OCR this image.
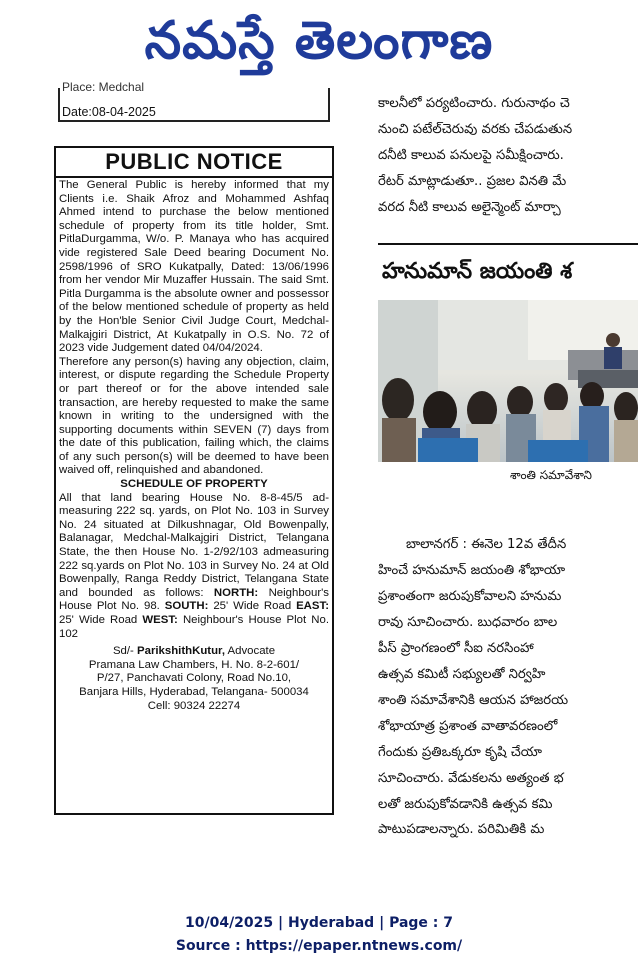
నమస్తే తెలంగాణ
Place: Medchal
Date:08-04-2025
PUBLIC NOTICE

The General Public is hereby informed that my Clients i.e. Shaik Afroz and Mohammed Ashfaq Ahmed intend to purchase the below mentioned schedule of property from its title holder, Smt. PitlaDurgamma, W/o. P. Manaya who has acquired vide registered Sale Deed bearing Document No. 2598/1996 of SRO Kukatpally, Dated: 13/06/1996 from her vendor Mir Muzaffer Hussain. The said Smt. Pitla Durgamma is the absolute owner and possessor of the below mentioned schedule of property as held by the Hon'ble Senior Civil Judge Court, Medchal-Malkajgiri District, At Kukatpally in O.S. No. 72 of 2023 vide Judgement dated 04/04/2024.

Therefore any person(s) having any objection, claim, interest, or dispute regarding the Schedule Property or part thereof or for the above intended sale transaction, are hereby requested to make the same known in writing to the undersigned with the supporting documents within SEVEN (7) days from the date of this publication, failing which, the claims of any such person(s) will be deemed to have been waived off, relinquished and abandoned.

SCHEDULE OF PROPERTY

All that land bearing House No. 8-8-45/5 ad-measuring 222 sq. yards, on Plot No. 103 in Survey No. 24 situated at Dilkushnagar, Old Bowenpally, Balanagar, Medchal-Malkajgiri District, Telangana State, the then House No. 1-2/92/103 admeasuring 222 sq.yards on Plot No. 103 in Survey No. 24 at Old Bowenpally, Ranga Reddy District, Telangana State and bounded as follows: NORTH: Neighbour's House Plot No. 98. SOUTH: 25' Wide Road EAST: 25' Wide Road WEST: Neighbour's House Plot No. 102

Sd/- ParikshithKutur, Advocate

Pramana Law Chambers, H. No. 8-2-601/

P/27, Panchavati Colony, Road No.10,

Banjara Hills, Hyderabad, Telangana- 500034

Cell: 90324 22274

కాలనీలో పర్యటించారు. గురునాథం చె
నుంచి పటేల్‌చెరువు వరకు చేపడుతున
దనీటి కాలువ పనులపై సమీక్షించారు.
రేటర్ మాట్లాడుతూ.. ప్రజల వినతి మే
వరద నీటి కాలువ అలైన్మెంట్ మార్చా
హనుమాన్ జయంతి శ
శాంతి సమావేశాని
బాలానగర్ : ఈనెల 12వ తేదీన
హించే హనుమాన్ జయంతి శోభాయా
ప్రశాంతంగా జరుపుకోవాలని హనుమ
రావు సూచించారు. బుధవారం బాల
పీస్ ప్రాంగణంలో సీఐ నరసింహా
ఉత్సవ కమిటీ సభ్యులతో నిర్వహి
శాంతి సమావేశానికి ఆయన హాజరయ
శోభాయాత్ర ప్రశాంత వాతావరణంలో
గేందుకు ప్రతిఒక్కరూ కృషి చేయా
సూచించారు. వేడుకలను అత్యంత భ
లతో జరుపుకోవడానికి ఉత్సవ కమి
పాటుపడాలన్నారు. పరిమితికి మ
10/04/2025 | Hyderabad | Page : 7
Source : https://epaper.ntnews.com/
